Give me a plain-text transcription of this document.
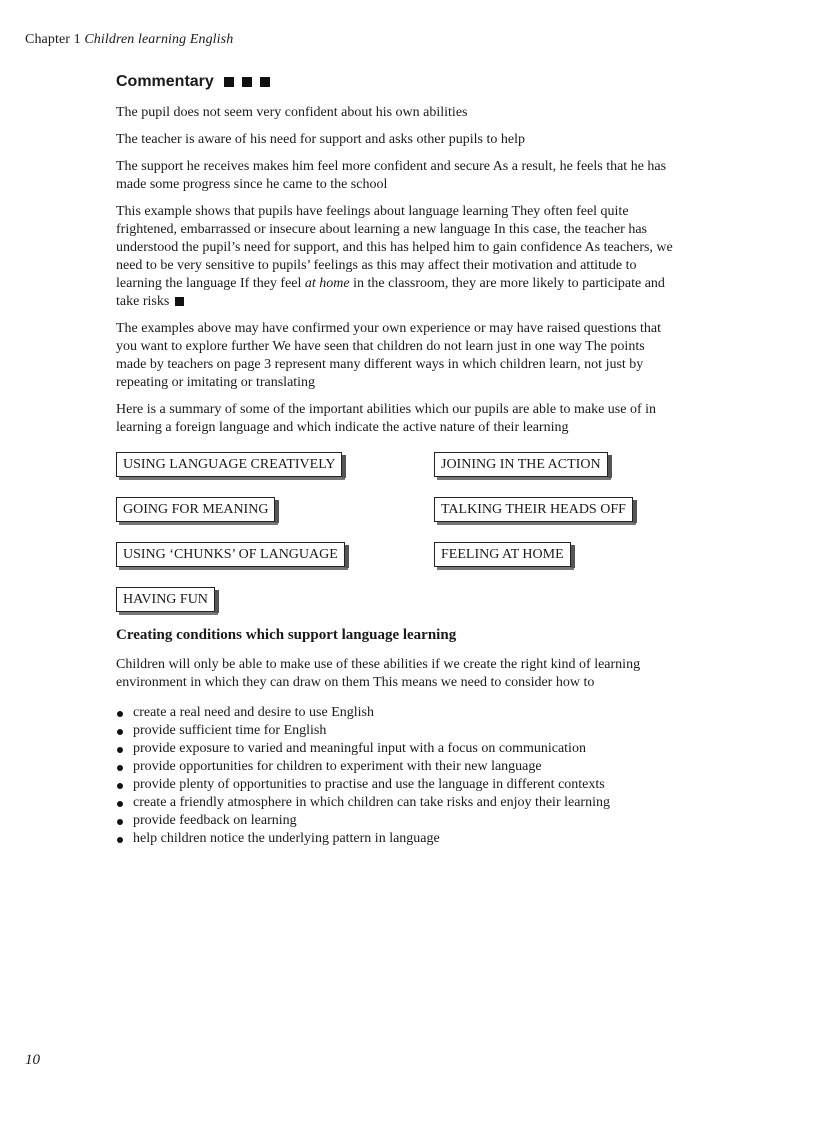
Chapter 1 Children learning English
Commentary

The pupil does not seem very confident about his own abilities

The teacher is aware of his need for support and asks other pupils to help

The support he receives makes him feel more confident and secure As a result, he feels that he has made some progress since he came to the school

This example shows that pupils have feelings about language learning They often feel quite frightened, embarrassed or insecure about learning a new language In this case, the teacher has understood the pupil’s need for support, and this has helped him to gain confidence As teachers, we need to be very sensitive to pupils’ feelings as this may affect their motivation and attitude to learning the language If they feel at home in the classroom, they are more likely to participate and take risks

The examples above may have confirmed your own experience or may have raised questions that you want to explore further We have seen that children do not learn just in one way The points made by teachers on page 3 represent many different ways in which children learn, not just by repeating or imitating or translating

Here is a summary of some of the important abilities which our pupils are able to make use of in learning a foreign language and which indicate the active nature of their learning

USING LANGUAGE CREATIVELY	JOINING IN THE ACTION
GOING FOR MEANING	TALKING THEIR HEADS OFF
USING ‘CHUNKS’ OF LANGUAGE	FEELING AT HOME
HAVING FUN
Creating conditions which support language learning

Children will only be able to make use of these abilities if we create the right kind of learning environment in which they can draw on them This means we need to consider how to

create a real need and desire to use English
provide sufficient time for English
provide exposure to varied and meaningful input with a focus on communication
provide opportunities for children to experiment with their new language
provide plenty of opportunities to practise and use the language in different contexts
create a friendly atmosphere in which children can take risks and enjoy their learning
provide feedback on learning
help children notice the underlying pattern in language
10
